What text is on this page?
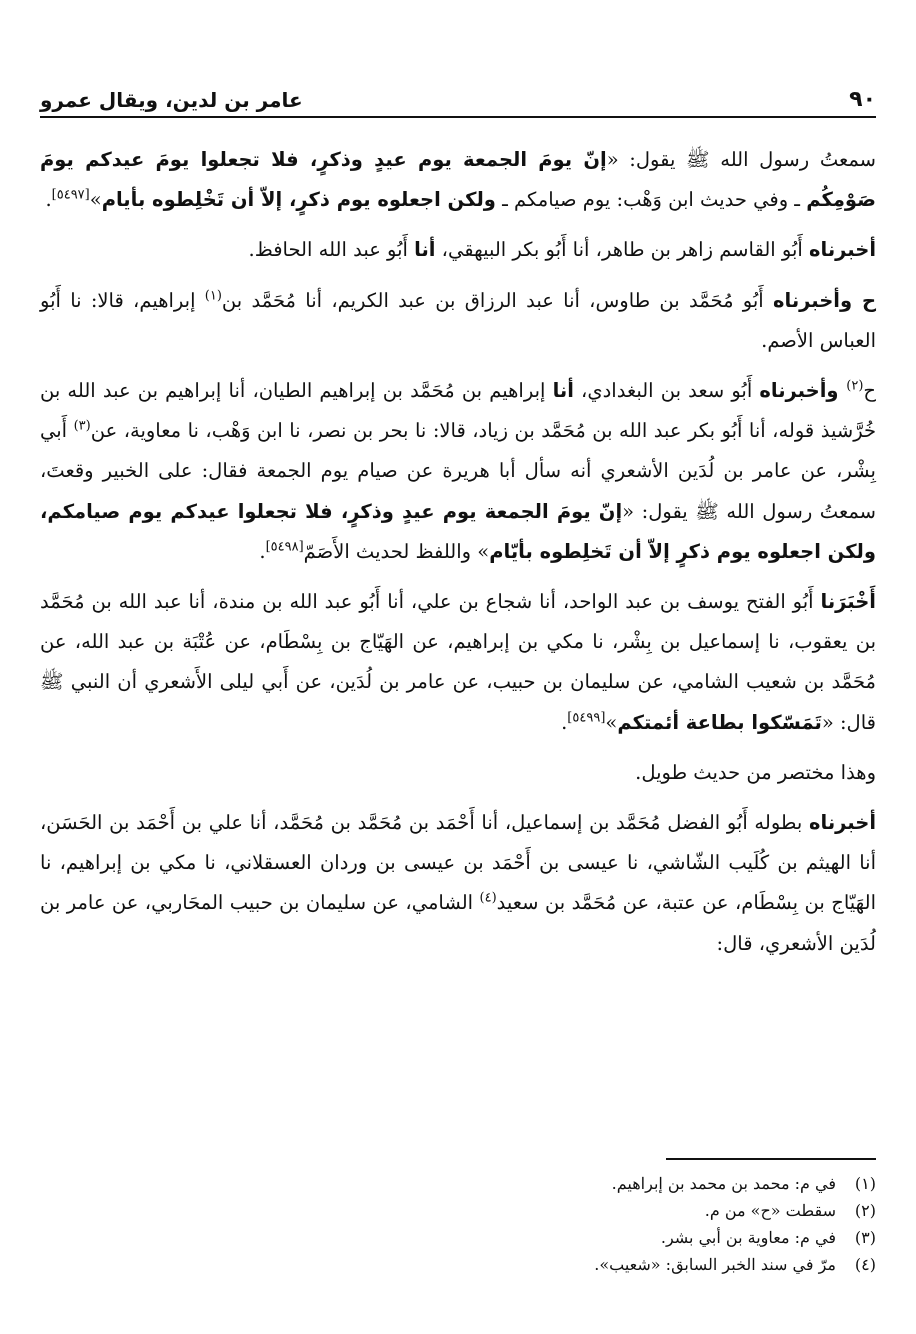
٩٠
عامر بن لدين، ويقال عمرو

سمعتُ رسول الله ﷺ يقول: «إنّ يومَ الجمعة يوم عيدٍ وذكرٍ، فلا تجعلوا يومَ عيدكم يومَ صَوْمِكُم ـ وفي حديث ابن وَهْب: يوم صيامكم ـ ولكن اجعلوه يوم ذكرٍ، إلاّ أن تَخْلِطوه بأيام»[٥٤٩٧].

أخبرناه أَبُو القاسم زاهر بن طاهر، أنا أَبُو بكر البيهقي، أنا أَبُو عبد الله الحافظ.

ح وأخبرناه أَبُو مُحَمَّد بن طاوس، أنا عبد الرزاق بن عبد الكريم، أنا مُحَمَّد بن$^{(١)}$ إبراهيم، قالا: نا أَبُو العباس الأصم.

ح$^{(٢)}$ وأخبرناه أَبُو سعد بن البغدادي، أنا إبراهيم بن مُحَمَّد بن إبراهيم الطيان، أنا إبراهيم بن عبد الله بن خُرَّشيذ قوله، أنا أَبُو بكر عبد الله بن مُحَمَّد بن زياد، قالا: نا بحر بن نصر، نا ابن وَهْب، نا معاوية، عن$^{(٣)}$ أَبي بِشْر، عن عامر بن لُدَين الأشعري أنه سأل أبا هريرة عن صيام يوم الجمعة فقال: على الخبير وقعتَ، سمعتُ رسول الله ﷺ يقول: «إنّ يومَ الجمعة يوم عيدٍ وذكرٍ، فلا تجعلوا عيدكم يوم صيامكم، ولكن اجعلوه يوم ذكرٍ إلاّ أن تَخلِطوه بأيّام» واللفظ لحديث الأَصَمّ[٥٤٩٨].

أَخْبَرَنا أَبُو الفتح يوسف بن عبد الواحد، أنا شجاع بن علي، أنا أَبُو عبد الله بن مندة، أنا عبد الله بن مُحَمَّد بن يعقوب، نا إسماعيل بن بِشْر، نا مكي بن إبراهيم، عن الهَيّاج بن بِسْطَام، عن عُتْبَة بن عبد الله، عن مُحَمَّد بن شعيب الشامي، عن سليمان بن حبيب، عن عامر بن لُدَين، عن أَبي ليلى الأَشعري أن النبي ﷺ قال: «تَمَسّكوا بطاعة أئمتكم»[٥٤٩٩].

وهذا مختصر من حديث طويل.

أخبرناه بطوله أَبُو الفضل مُحَمَّد بن إسماعيل، أنا أَحْمَد بن مُحَمَّد بن مُحَمَّد، أنا علي بن أَحْمَد بن الحَسَن، أنا الهيثم بن كُلَيب الشّاشي، نا عيسى بن أَحْمَد بن عيسى بن وردان العسقلاني، نا مكي بن إبراهيم، نا الهَيّاج بن بِسْطَام، عن عتبة، عن مُحَمَّد بن سعيد$^{(٤)}$ الشامي، عن سليمان بن حبيب المحَاربي، عن عامر بن لُدَين الأشعري، قال:

(١)
في م: محمد بن محمد بن إبراهيم.
(٢)
سقطت «ح» من م.
(٣)
في م: معاوية بن أبي بشر.
(٤)
مرّ في سند الخبر السابق: «شعيب».
